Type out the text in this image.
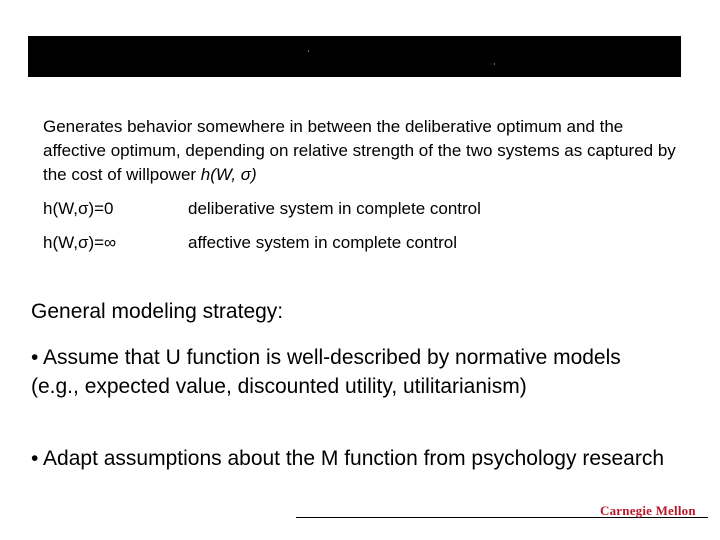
Generates behavior somewhere in between the deliberative optimum and the affective optimum, depending on relative strength of the two systems as captured by the cost of willpower h(W, σ)
h(W,σ)=0	deliberative system in complete control
h(W,σ)=∞	affective system in complete control
General modeling strategy:
• Assume that U function is well-described by normative models (e.g., expected value, discounted utility, utilitarianism)
• Adapt assumptions about the M function from psychology research
Carnegie Mellon
